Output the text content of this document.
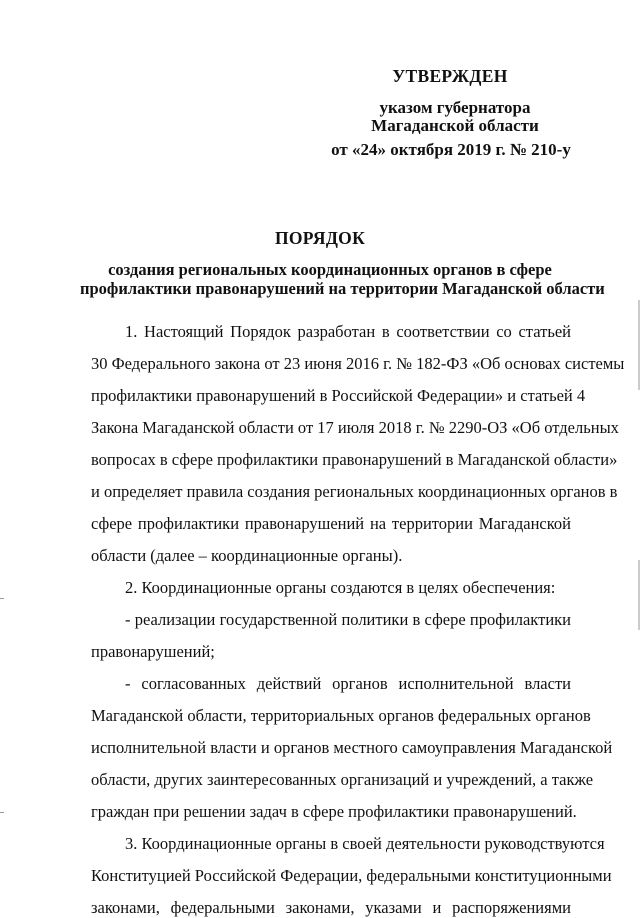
УТВЕРЖДЕН
указом губернатора
Магаданской области
от «24» октября 2019 г. № 210-у
ПОРЯДОК
создания региональных координационных органов в сфере
профилактики правонарушений на территории Магаданской области
1. Настоящий Порядок разработан в соответствии со статьей
30 Федерального закона от 23 июня 2016 г. № 182-ФЗ «Об основах системы
профилактики правонарушений в Российской Федерации» и статьей 4
Закона Магаданской области от 17 июля 2018 г. № 2290-ОЗ «Об отдельных
вопросах в сфере профилактики правонарушений в Магаданской области»
и определяет правила создания региональных координационных органов в
сфере профилактики правонарушений на территории Магаданской
области (далее – координационные органы).
2. Координационные органы создаются в целях обеспечения:
- реализации государственной политики в сфере профилактики
правонарушений;
- согласованных действий органов исполнительной власти
Магаданской области, территориальных органов федеральных органов
исполнительной власти и органов местного самоуправления Магаданской
области, других заинтересованных организаций и учреждений, а также
граждан при решении задач в сфере профилактики правонарушений.
3. Координационные органы в своей деятельности руководствуются
Конституцией Российской Федерации, федеральными конституционными
законами, федеральными законами, указами и распоряжениями
